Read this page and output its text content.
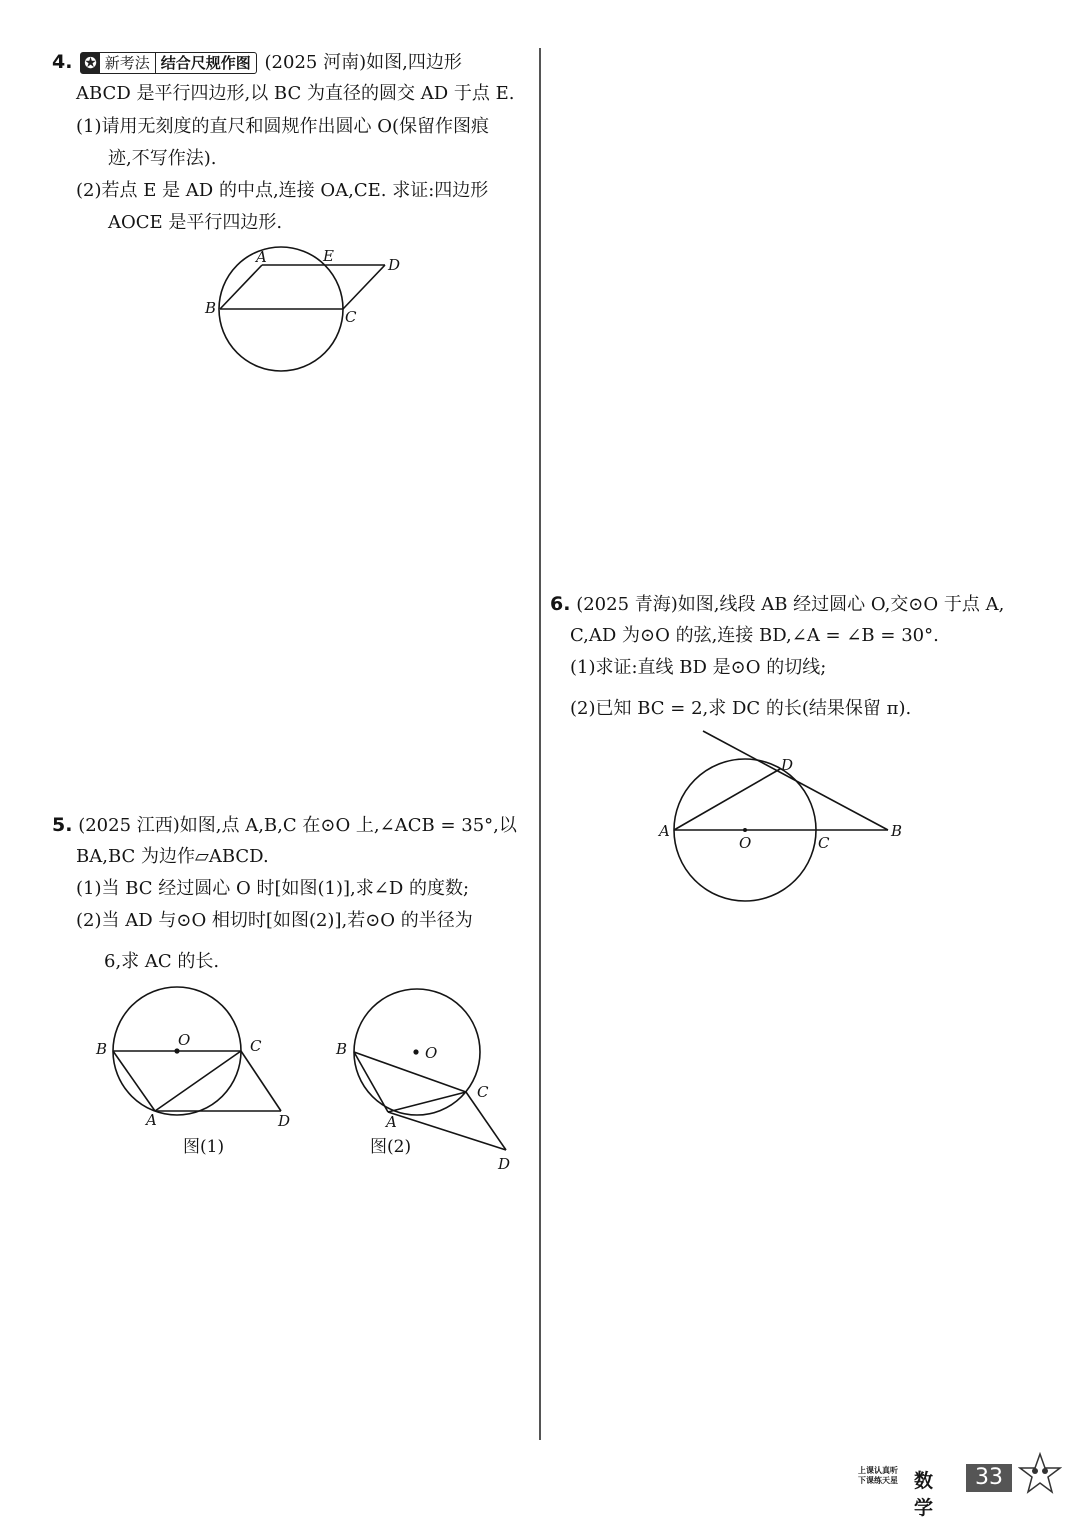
4. ✪ 新考法 结合尺规作图 (2025 河南)如图,四边形
ABCD 是平行四边形,以 BC 为直径的圆交 AD 于点 E.
(1)请用无刻度的直尺和圆规作出圆心 O(保留作图痕
迹,不写作法).
(2)若点 E 是 AD 的中点,连接 OA,CE. 求证:四边形
AOCE 是平行四边形.
A	E	D
B	C
5. (2025 江西)如图,点 A,B,C 在⊙O 上,∠ACB = 35°,以
BA,BC 为边作▱ABCD.
(1)当 BC 经过圆心 O 时[如图(1)],求∠D 的度数;
(2)当 AD 与⊙O 相切时[如图(2)],若⊙O 的半径为
6,求 AC 的长.
O
B	C
A	D
图(1)
B	O
C
A
D
图(2)
6. (2025 青海)如图,线段 AB 经过圆心 O,交⊙O 于点 A,
C,AD 为⊙O 的弦,连接 BD,∠A = ∠B = 30°.
(1)求证:直线 BD 是⊙O 的切线;
(2)已知 BC = 2,求 DC 的长(结果保留 π).
D
A
O	C
B
上课认真听
下课练天星 数学
33
